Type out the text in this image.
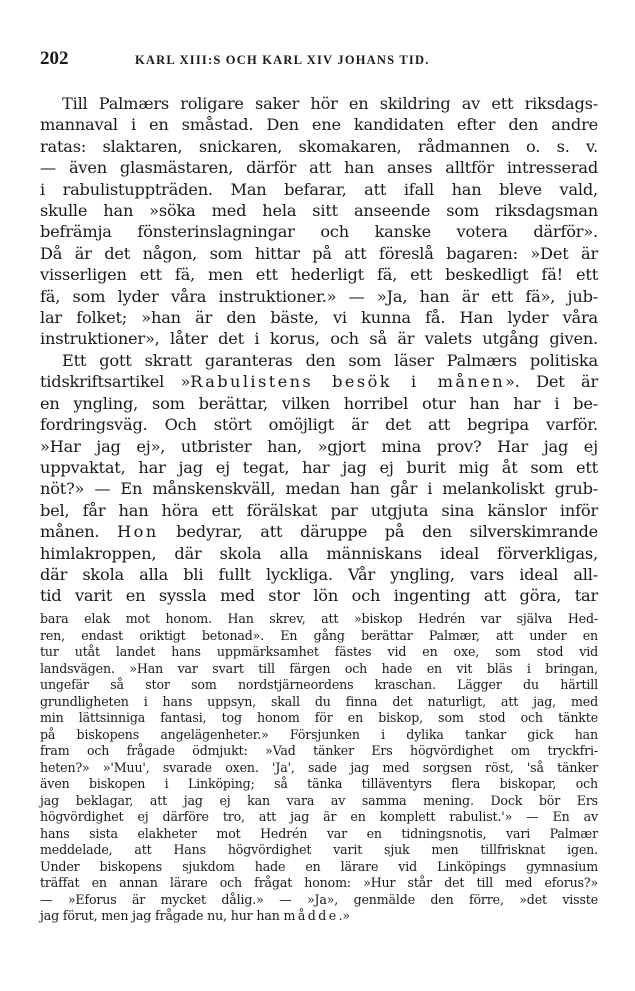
202	KARL XIII:S OCH KARL XIV JOHANS TID.
Till Palmærs roligare saker hör en skildring av ett riksdags-
mannaval i en småstad. Den ene kandidaten efter den andre
ratas: slaktaren, snickaren, skomakaren, rådmannen o. s. v.
— även glasmästaren, därför att han anses alltför intresserad
i rabulistuppträden. Man befarar, att ifall han bleve vald,
skulle han »söka med hela sitt anseende som riksdagsman
befrämja fönsterinslagningar och kanske votera därför».
Då är det någon, som hittar på att föreslå bagaren: »Det är
visserligen ett fä, men ett hederligt fä, ett beskedligt fä! ett
fä, som lyder våra instruktioner.» — »Ja, han är ett fä», jub-
lar folket; »han är den bäste, vi kunna få. Han lyder våra
instruktioner», låter det i korus, och så är valets utgång given.
Ett gott skratt garanteras den som läser Palmærs politiska
tidskriftsartikel »Rabulistens besök i månen». Det är
en yngling, som berättar, vilken horribel otur han har i be-
fordringsväg. Och stört omöjligt är det att begripa varför.
»Har jag ej», utbrister han, »gjort mina prov? Har jag ej
uppvaktat, har jag ej tegat, har jag ej burit mig åt som ett
nöt?» — En månskenskväll, medan han går i melankoliskt grub-
bel, får han höra ett förälskat par utgjuta sina känslor inför
månen. Hon bedyrar, att däruppe på den silverskimrande
himlakroppen, där skola alla människans ideal förverkligas,
där skola alla bli fullt lyckliga. Vår yngling, vars ideal all-
tid varit en syssla med stor lön och ingenting att göra, tar
bara elak mot honom. Han skrev, att »biskop Hedrén var själva Hed-
ren, endast oriktigt betonad». En gång berättar Palmær, att under en
tur utåt landet hans uppmärksamhet fästes vid en oxe, som stod vid
landsvägen. »Han var svart till färgen och hade en vit bläs i bringan,
ungefär så stor som nordstjärneordens kraschan. Lägger du härtill
grundligheten i hans uppsyn, skall du finna det naturligt, att jag, med
min lättsinniga fantasi, tog honom för en biskop, som stod och tänkte
på biskopens angelägenheter.» Försjunken i dylika tankar gick han
fram och frågade ödmjukt: »Vad tänker Ers högvördighet om tryckfri-
heten?» »'Muu', svarade oxen. 'Ja', sade jag med sorgsen röst, 'så tänker
även biskopen i Linköping; så tänka tilläventyrs flera biskopar, och
jag beklagar, att jag ej kan vara av samma mening. Dock bör Ers
högvördighet ej därföre tro, att jag är en komplett rabulist.'» — En av
hans sista elakheter mot Hedrén var en tidningsnotis, vari Palmær
meddelade, att Hans högvördighet varit sjuk men tillfrisknat igen.
Under biskopens sjukdom hade en lärare vid Linköpings gymnasium
träffat en annan lärare och frågat honom: »Hur står det till med eforus?»
— »Eforus är mycket dålig.» — »Ja», genmälde den förre, »det visste
jag förut, men jag frågade nu, hur han mådde.»
